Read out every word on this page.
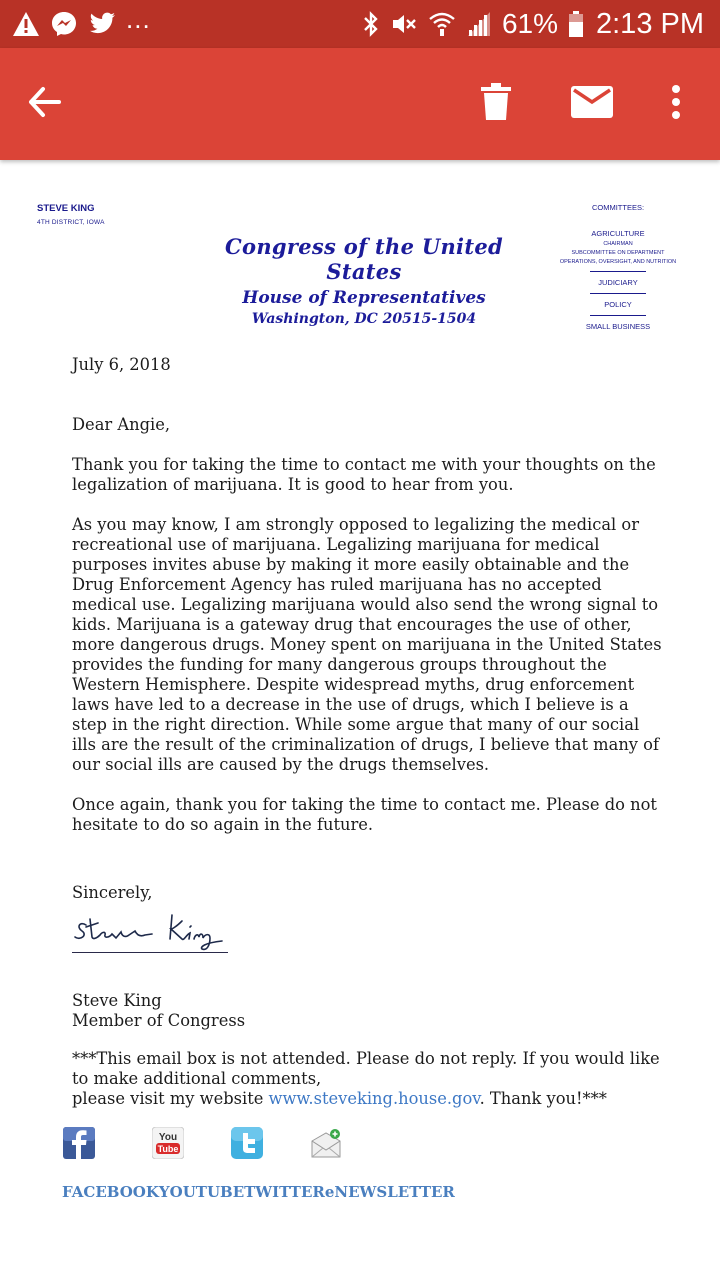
...	61% 2:13 PM
STEVE KING
4TH DISTRICT, IOWA
Congress of the United States
House of Representatives
Washington, DC 20515-1504
COMMITTEES:
AGRICULTURE
CHAIRMAN
SUBCOMMITTEE ON DEPARTMENT
OPERATIONS, OVERSIGHT, AND NUTRITION
JUDICIARY
POLICY
SMALL BUSINESS

July 6, 2018

Dear Angie,

Thank you for taking the time to contact me with your thoughts on the legalization of marijuana. It is good to hear from you.

As you may know, I am strongly opposed to legalizing the medical or recreational use of marijuana. Legalizing marijuana for medical purposes invites abuse by making it more easily obtainable and the Drug Enforcement Agency has ruled marijuana has no accepted medical use. Legalizing marijuana would also send the wrong signal to kids. Marijuana is a gateway drug that encourages the use of other, more dangerous drugs. Money spent on marijuana in the United States provides the funding for many dangerous groups throughout the Western Hemisphere. Despite widespread myths, drug enforcement laws have led to a decrease in the use of drugs, which I believe is a step in the right direction. While some argue that many of our social ills are the result of the criminalization of drugs, I believe that many of our social ills are caused by the drugs themselves.

Once again, thank you for taking the time to contact me. Please do not hesitate to do so again in the future.

Sincerely,

Steve King

Member of Congress

***This email box is not attended. Please do not reply. If you would like to make additional comments,

please visit my website www.steveking.house.gov. Thank you!***

You
Tube
FACEBOOK YOUTUBE TWITTER eNEWSLETTER
